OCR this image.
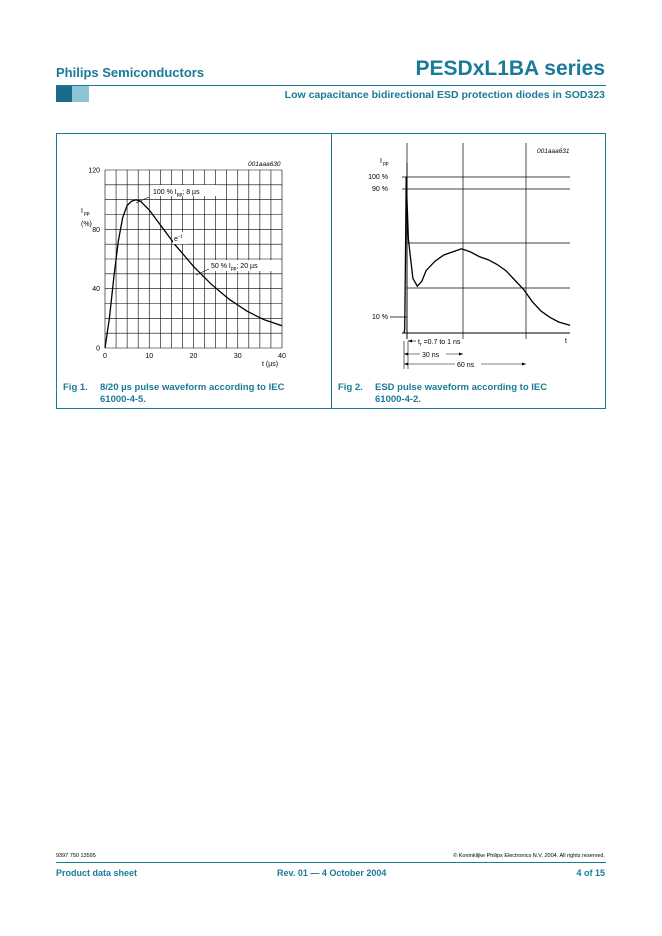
Philips Semiconductors	PESDxL1BA series
Low capacitance bidirectional ESD protection diodes in SOD323
0	10	20	30	40
0
40
80
120
001aaa630
I pp
(%)
t (µs)
100 % $I_{pp}$; 8 µs
$e^{-t}$
50 % $I_{pp}$; 20 µs
001aaa631
I pp
100 %
90 %
10 %
t
$t_r =0.7$ to 1 ns
30 ns
60 ns
Fig 1. 8/20 µs pulse waveform according to IEC 61000-4-5.
Fig 2. ESD pulse waveform according to IEC 61000-4-2.
9397 750 13595	© Koninklijke Philips Electronics N.V. 2004. All rights reserved.
Product data sheet	Rev. 01 — 4 October 2004	4 of 15
